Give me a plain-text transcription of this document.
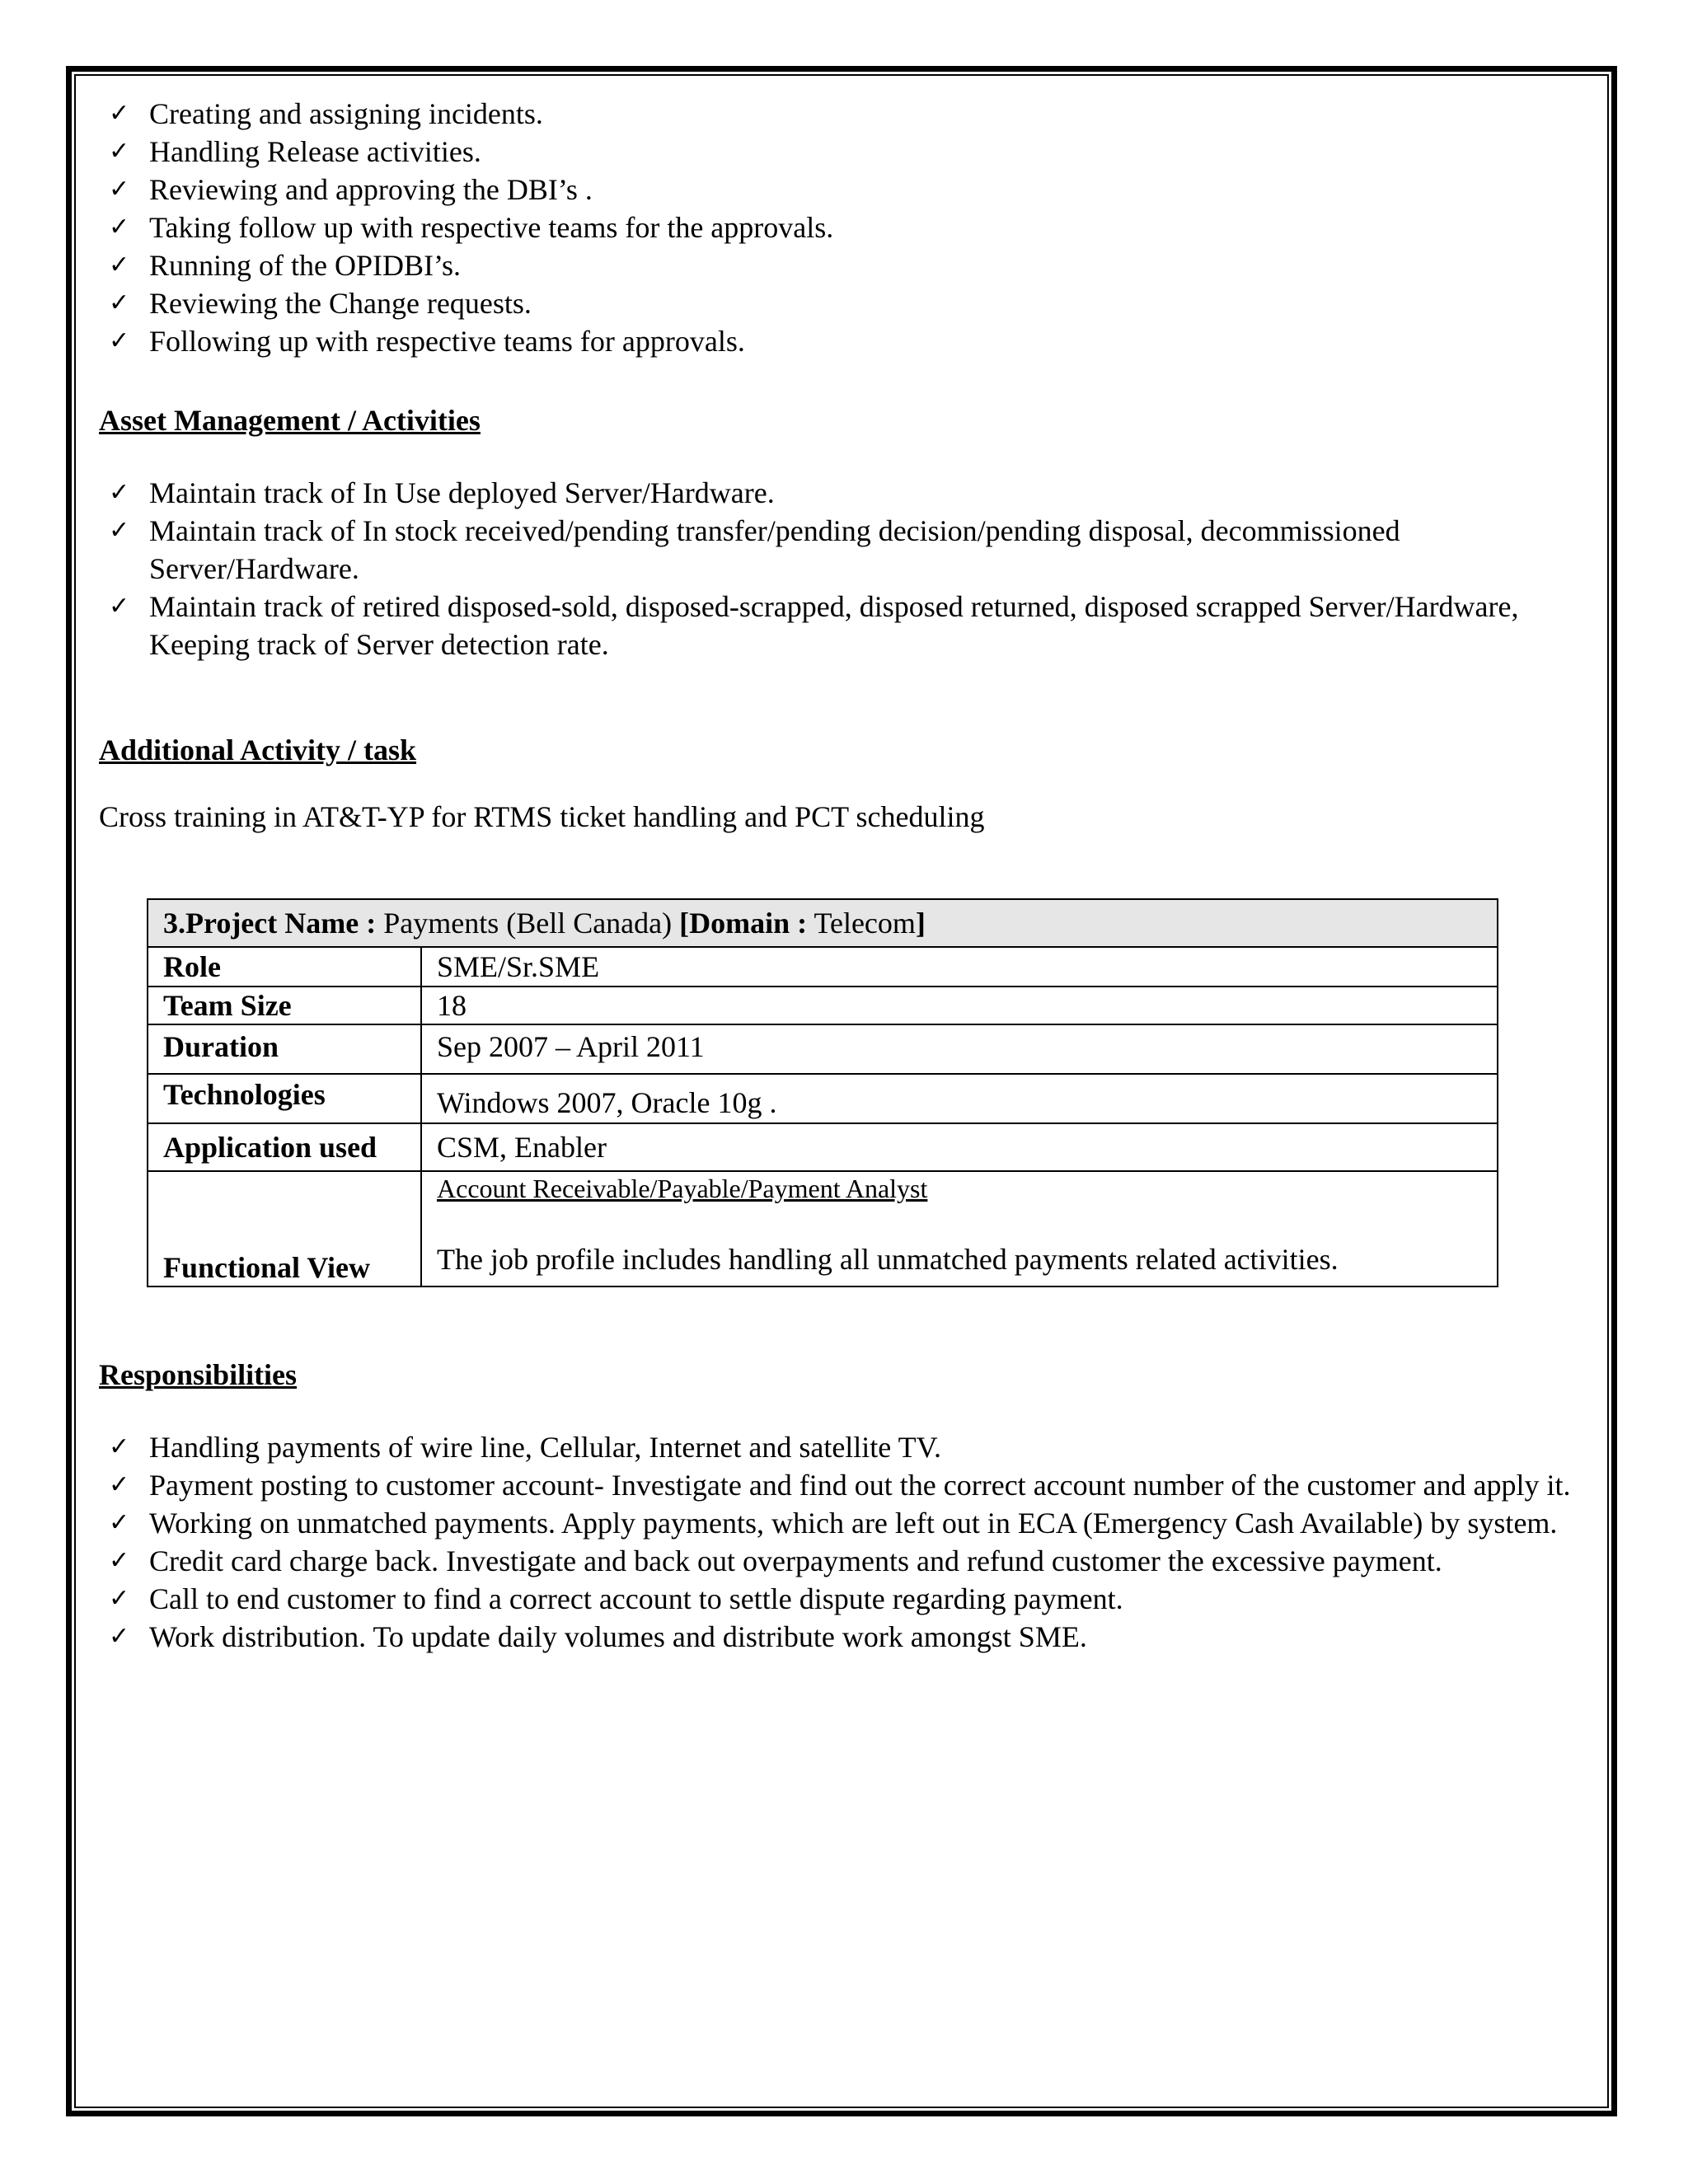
✓ Creating and assigning incidents.
✓ Handling Release activities.
✓ Reviewing and approving the DBI’s .
✓ Taking follow up with respective teams for the approvals.
✓ Running of the OPIDBI’s.
✓ Reviewing the Change requests.
✓ Following up with respective teams for approvals.
Asset Management / Activities
✓ Maintain track of In Use deployed Server/Hardware.
✓ Maintain track of In stock received/pending transfer/pending decision/pending disposal, decommissioned Server/Hardware.
✓ Maintain track of retired disposed-sold, disposed-scrapped, disposed returned, disposed scrapped Server/Hardware, Keeping track of Server detection rate.
Additional Activity / task
Cross training in AT&T-YP for RTMS ticket handling and PCT scheduling
3.Project Name : Payments (Bell Canada) [Domain : Telecom]	
Role	SME/Sr.SME
Team Size	18
Duration	Sep 2007 – April 2011
Technologies	Windows 2007, Oracle 10g .
Application used	CSM, Enabler
Functional View	Account Receivable/Payable/Payment Analyst
The job profile includes handling all unmatched payments related activities.
Responsibilities
✓ Handling payments of wire line, Cellular, Internet and satellite TV.
✓ Payment posting to customer account- Investigate and find out the correct account number of the customer and apply it.
✓ Working on unmatched payments. Apply payments, which are left out in ECA (Emergency Cash Available) by system.
✓ Credit card charge back. Investigate and back out overpayments and refund customer the excessive payment.
✓ Call to end customer to find a correct account to settle dispute regarding payment.
✓ Work distribution. To update daily volumes and distribute work amongst SME.
